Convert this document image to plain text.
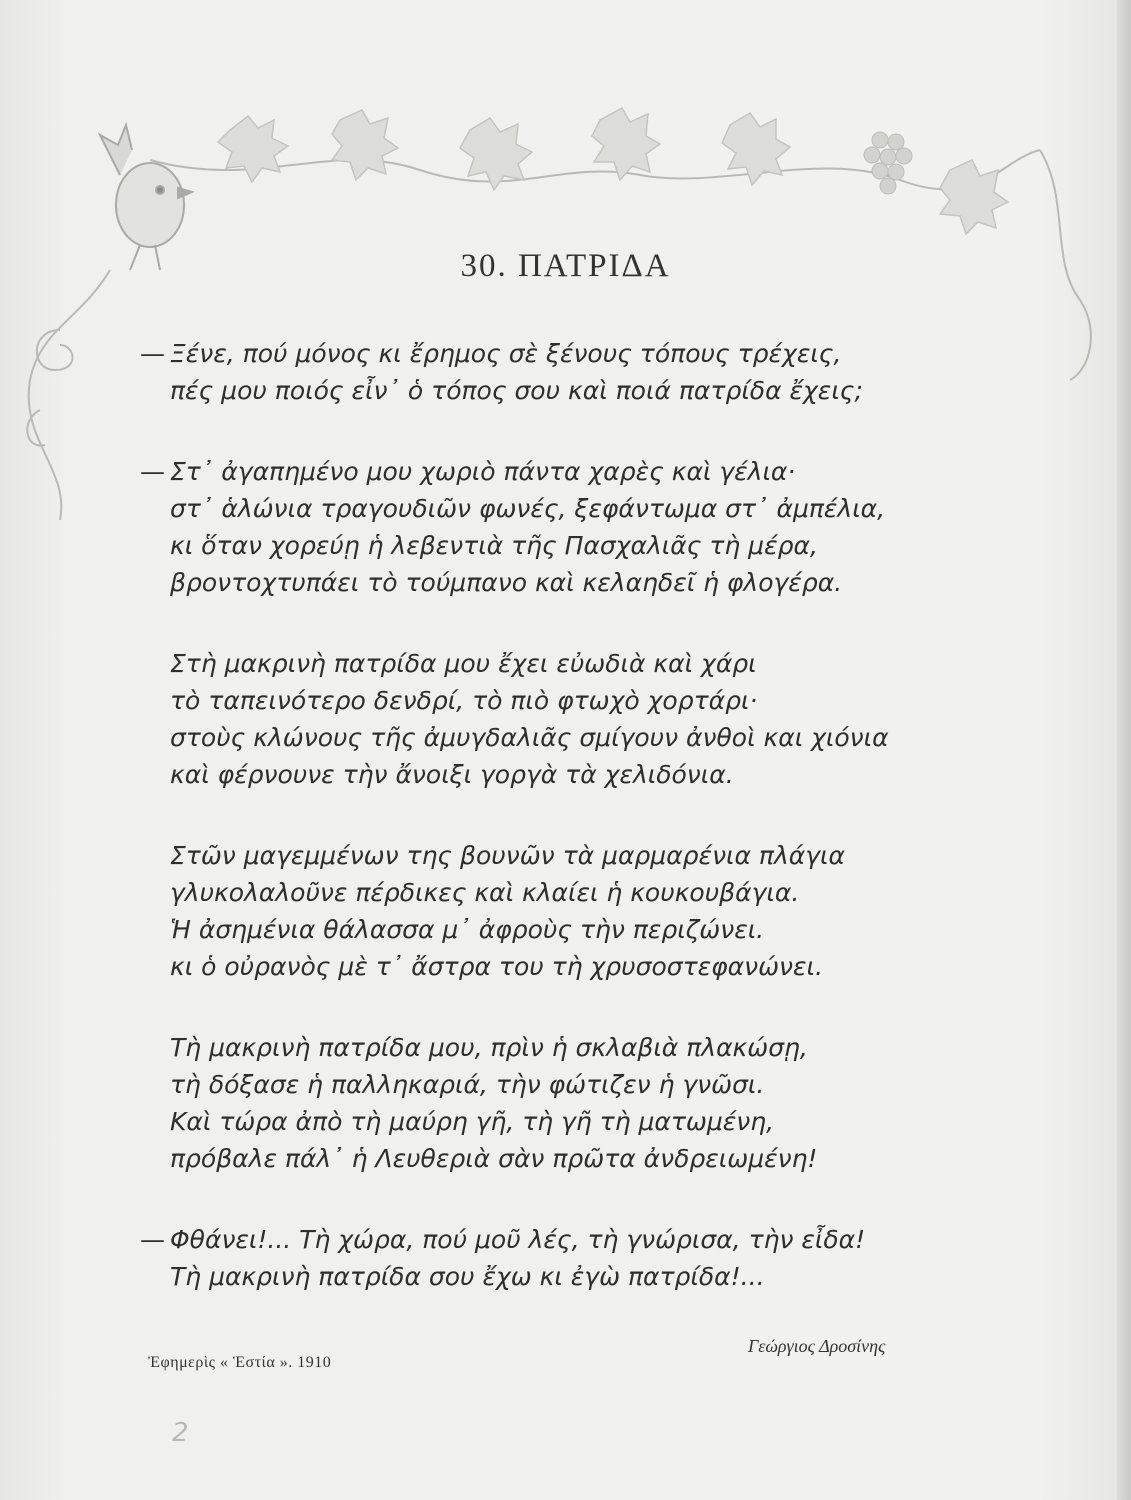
30. ΠΑΤΡΙΔΑ
— Ξένε, πού μόνος κι ἔρημος σὲ ξένους τόπους τρέχεις,
πές μου ποιός εἶν᾽ ὁ τόπος σου καὶ ποιά πατρίδα ἔχεις;
— Στ᾽ ἀγαπημένο μου χωριὸ πάντα χαρὲς καὶ γέλια·
στ᾽ ἁλώνια τραγουδιῶν φωνές, ξεφάντωμα στ᾽ ἀμπέλια,
κι ὅταν χορεύῃ ἡ λεβεντιὰ τῆς Πασχαλιᾶς τὴ μέρα,
βροντοχτυπάει τὸ τούμπανο καὶ κελαηδεῖ ἡ φλογέρα.
Στὴ μακρινὴ πατρίδα μου ἔχει εὐωδιὰ καὶ χάρι
τὸ ταπεινότερο δενδρί, τὸ πιὸ φτωχὸ χορτάρι·
στοὺς κλώνους τῆς ἀμυγδαλιᾶς σμίγουν ἀνθοὶ και χιόνια
καὶ φέρνουνε τὴν ἄνοιξι γοργὰ τὰ χελιδόνια.
Στῶν μαγεμμένων της βουνῶν τὰ μαρμαρένια πλάγια
γλυκολαλοῦνε πέρδικες καὶ κλαίει ἡ κουκουβάγια.
Ἡ ἀσημένια θάλασσα μ᾽ ἀφροὺς τὴν περιζώνει.
κι ὁ οὐρανὸς μὲ τ᾽ ἄστρα του τὴ χρυσοστεφανώνει.
Τὴ μακρινὴ πατρίδα μου, πρὶν ἡ σκλαβιὰ πλακώσῃ,
τὴ δόξασε ἡ παλληκαριά, τὴν φώτιζεν ἡ γνῶσι.
Καὶ τώρα ἀπὸ τὴ μαύρη γῆ, τὴ γῆ τὴ ματωμένη,
πρόβαλε πάλ᾽ ἡ Λευθεριὰ σὰν πρῶτα ἀνδρειωμένη!
— Φθάνει!... Τὴ χώρα, πού μοῦ λές, τὴ γνώρισα, τὴν εἶδα!
Τὴ μακρινὴ πατρίδα σου ἔχω κι ἐγὼ πατρίδα!...
Ἐφημερὶς « Ἑστία ». 1910
Γεώργιος Δροσίνης
2
